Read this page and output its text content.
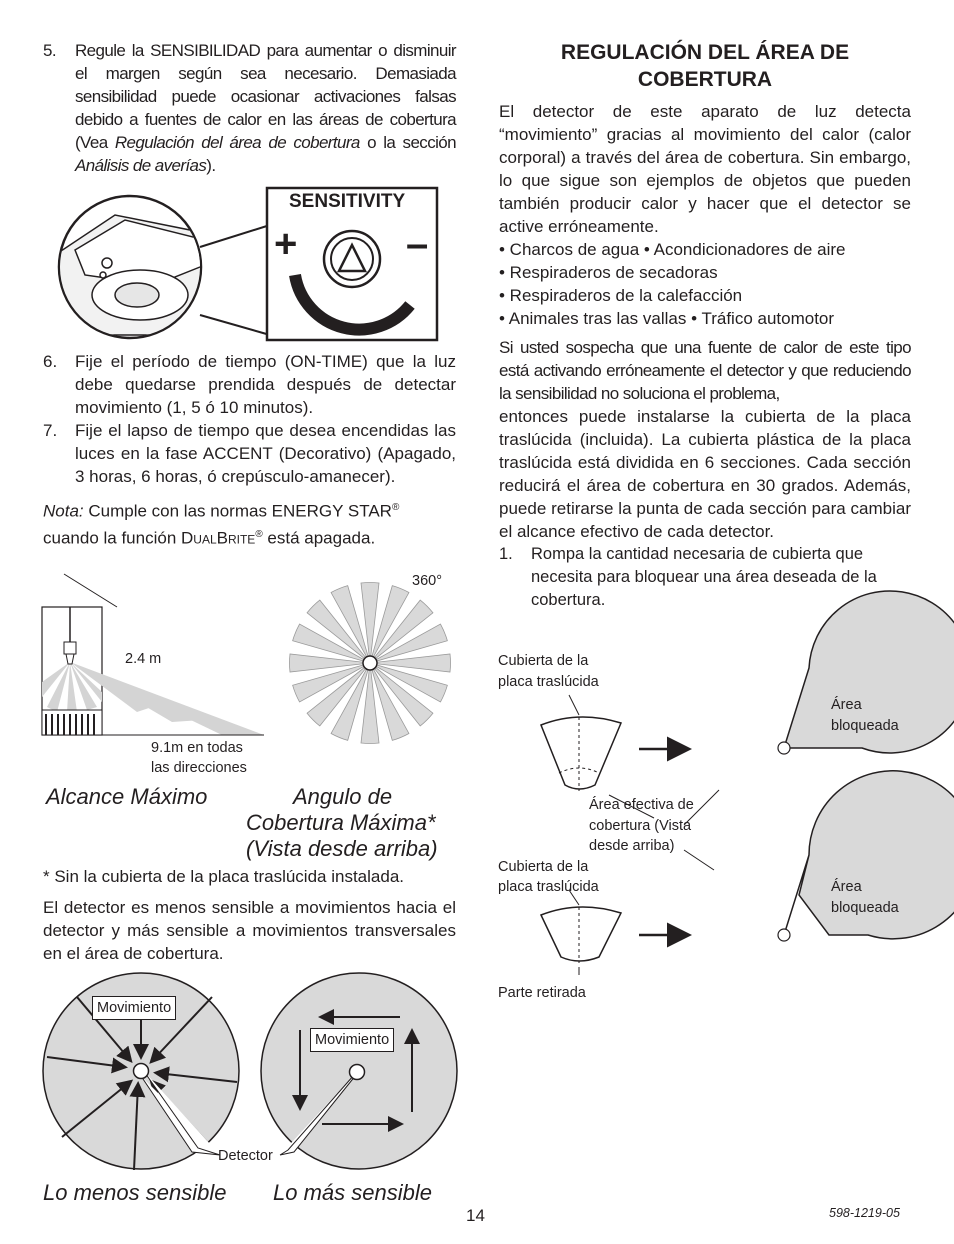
5. Regule la SENSIBILIDAD para aumentar o disminuir el margen según sea necesario. Demasiada sensibilidad puede ocasionar activaciones falsas debido a fuentes de calor en las áreas de cobertura (Vea Regulación del área de cobertura o la sección Análisis de averías).
SENSITIVITY
+	–
6. Fije el período de tiempo (ON-TIME) que la luz debe quedarse prendida después de detectar movimiento (1, 5 ó 10 minutos).
7. Fije el lapso de tiempo que desea encendidas las luces en la fase ACCENT (Decorativo) (Apagado, 3 horas, 6 horas, ó crepúsculo-amanecer).
Nota: Cumple con las normas ENERGY STAR®
cuando la función DUALBRITE® está apagada.
2.4 m
9.1m en todas
las direcciones
360°
Alcance Máximo	Angulo de
Cobertura Máxima*
(Vista desde arriba)
* Sin la cubierta de la placa traslúcida instalada.
El detector es menos sensible a movimientos hacia el detector y más sensible a movimientos transversales en el área de cobertura.
Movimiento
Movimiento
Detector
Lo menos sensible Lo más sensible
REGULACIÓN DEL ÁREA DE
COBERTURA

El detector de este aparato de luz detecta “movimiento” gracias al movimiento del calor (calor corporal) a través del área de cobertura. Sin embargo, lo que sigue son ejemplos de objetos que pueden también producir calor y hacer que el detector se active erróneamente.

• Charcos de agua • Acondicionadores de aire
• Respiraderos de secadoras
• Respiraderos de la calefacción
• Animales tras las vallas • Tráfico automotor

Si usted sospecha que una fuente de calor de este tipo está activando erróneamente el detector y que reduciendo la sensibilidad no soluciona el problema,

entonces puede instalarse la cubierta de la placa traslúcida (incluida). La cubierta plástica de la placa traslúcida está dividida en 6 secciones. Cada sección reducirá el área de cobertura en 30 grados. Además, puede retirarse la punta de cada sección para cambiar el alcance efectivo de cada detector.

1. Rompa la cantidad necesaria de cubierta que necesita para bloquear una área deseada de la cobertura.
Cubierta de la
placa traslúcida
Área
bloqueada
Área efectiva de
cobertura (Vista
desde arriba)
Cubierta de la
placa traslúcida	Área
bloqueada
Parte retirada
14	598-1219-05
